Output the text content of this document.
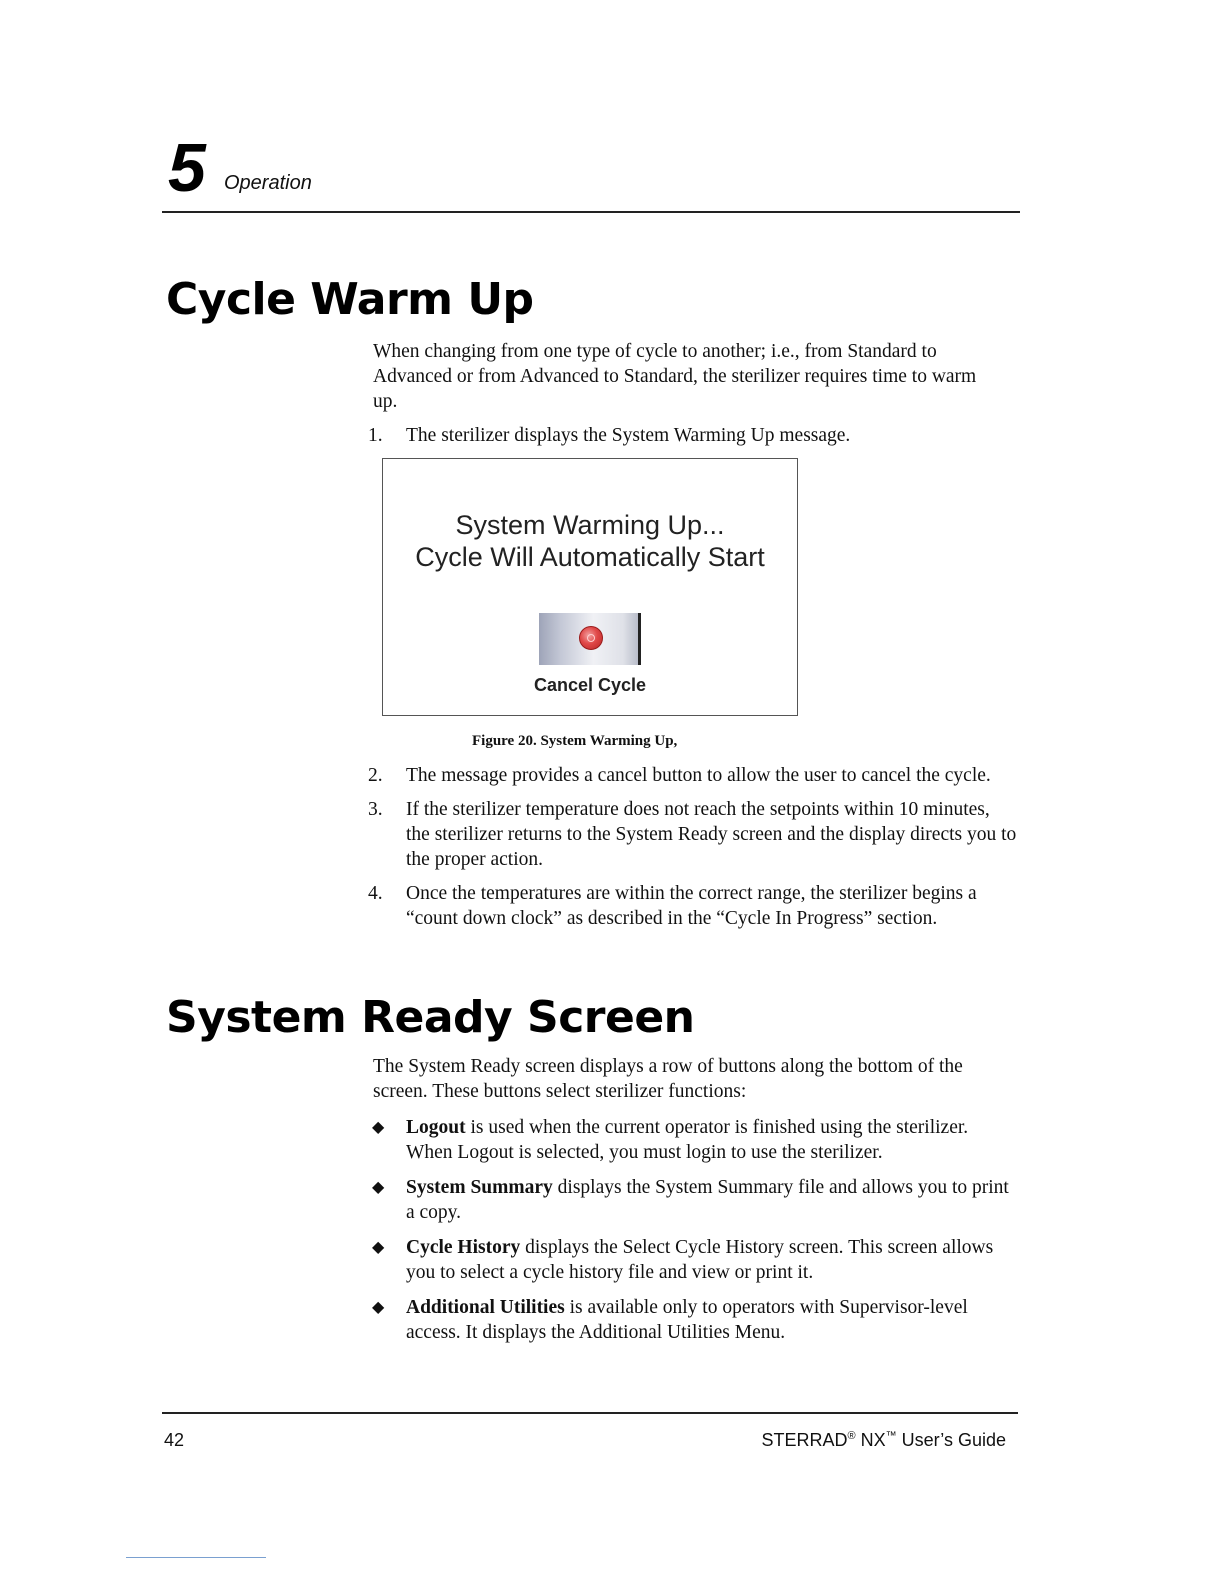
5 Operation
Cycle Warm Up

When changing from one type of cycle to another; i.e., from Standard to Advanced or from Advanced to Standard, the sterilizer requires time to warm up.

1.	The sterilizer displays the System Warming Up message.
System Warming Up...
Cycle Will Automatically Start
Cancel Cycle
Figure 20. System Warming Up,
2.	The message provides a cancel button to allow the user to cancel the cycle.
3.	If the sterilizer temperature does not reach the setpoints within 10 minutes, the sterilizer returns to the System Ready screen and the display directs you to the proper action.
4.	Once the temperatures are within the correct range, the sterilizer begins a “count down clock” as described in the “Cycle In Progress” section.
System Ready Screen

The System Ready screen displays a row of buttons along the bottom of the screen. These buttons select sterilizer functions:

◆	Logout is used when the current operator is finished using the sterilizer. When Logout is selected, you must login to use the sterilizer.
◆	System Summary displays the System Summary file and allows you to print a copy.
◆	Cycle History displays the Select Cycle History screen. This screen allows you to select a cycle history file and view or print it.
◆	Additional Utilities is available only to operators with Supervisor-level access. It displays the Additional Utilities Menu.
42	STERRAD® NX™ User’s Guide
